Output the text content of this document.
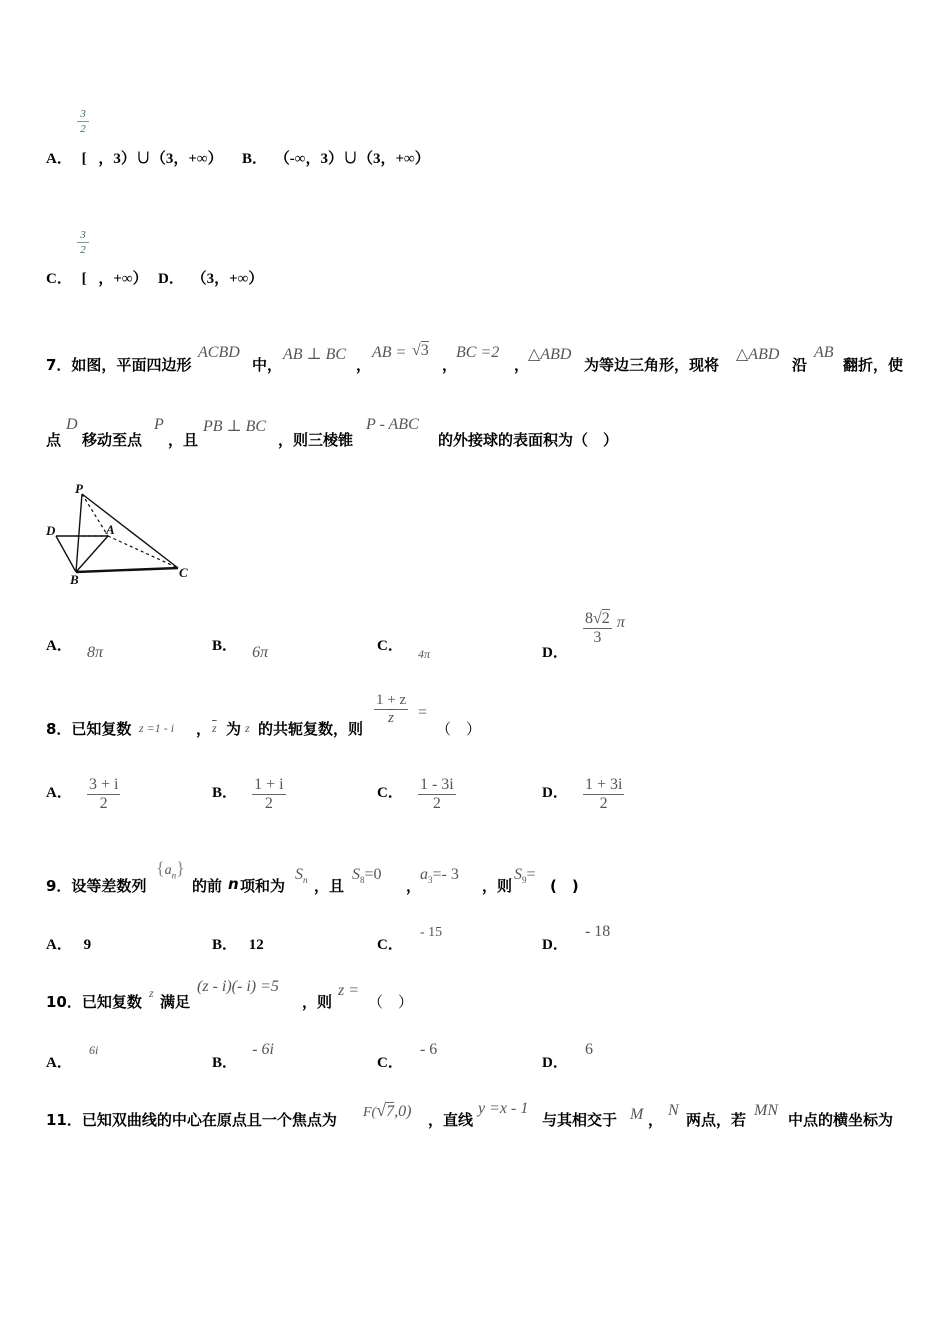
3
2
A． [ ，3）∪（3，+∞） B． （-∞，3）∪（3，+∞）
3
2
C． [ ，+∞） D． （3，+∞）
7．如图，平面四边形
ACBD
中，
AB ⊥ BC
，
AB = √3
，
BC =2
，
△ABD
为等边三角形，现将
△ABD
沿
AB
翻折，使
点
D
移动至点
P
，且
PB ⊥ BC
，则三棱锥
P - ABC
的外接球的表面积为（　）
P
D	A
B	C
A． 8π	B． 6π	C． $_{4\pi}$	D．
$\frac{8√2}{3}$ π
8．已知复数 z =1 - i ， $\overline{z}$ 为 z 的共轭复数，则
$\frac{1 + z}{z}$ =
（　）
A． $\frac{3 + i}{2}$	B． $\frac{1 + i}{2}$	C． $\frac{1 - 3i}{2}$	D． $\frac{1 + 3i}{2}$
9．设等差数列
$\{a_n\}$
的前 n 项和为
$S_n$ ，且
$S_8=0$
，
$a_3=-$ 3
，则
$S_9=$
(　)
A． 9	B． 12	C． - 15
D． - 18
10．已知复数 z 满足
(z - i)(- i) =5
，则
z =
（　）
A． 6i
B． - 6i
C． - 6
D． 6
11．已知双曲线的中心在原点且一个焦点为 F(√7,0) ，直线
y =x - 1
与其相交于 M ，
N
两点，若
MN
中点的横坐标为
